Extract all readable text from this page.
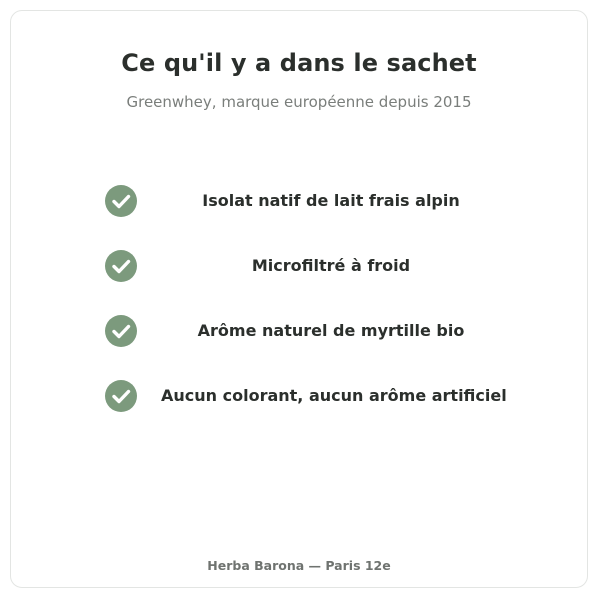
Ce qu'il y a dans le sachet
Greenwhey, marque européenne depuis 2015
Isolat natif de lait frais alpin
Microfiltré à froid
Arôme naturel de myrtille bio
Aucun colorant, aucun arôme artificiel
Herba Barona — Paris 12e
